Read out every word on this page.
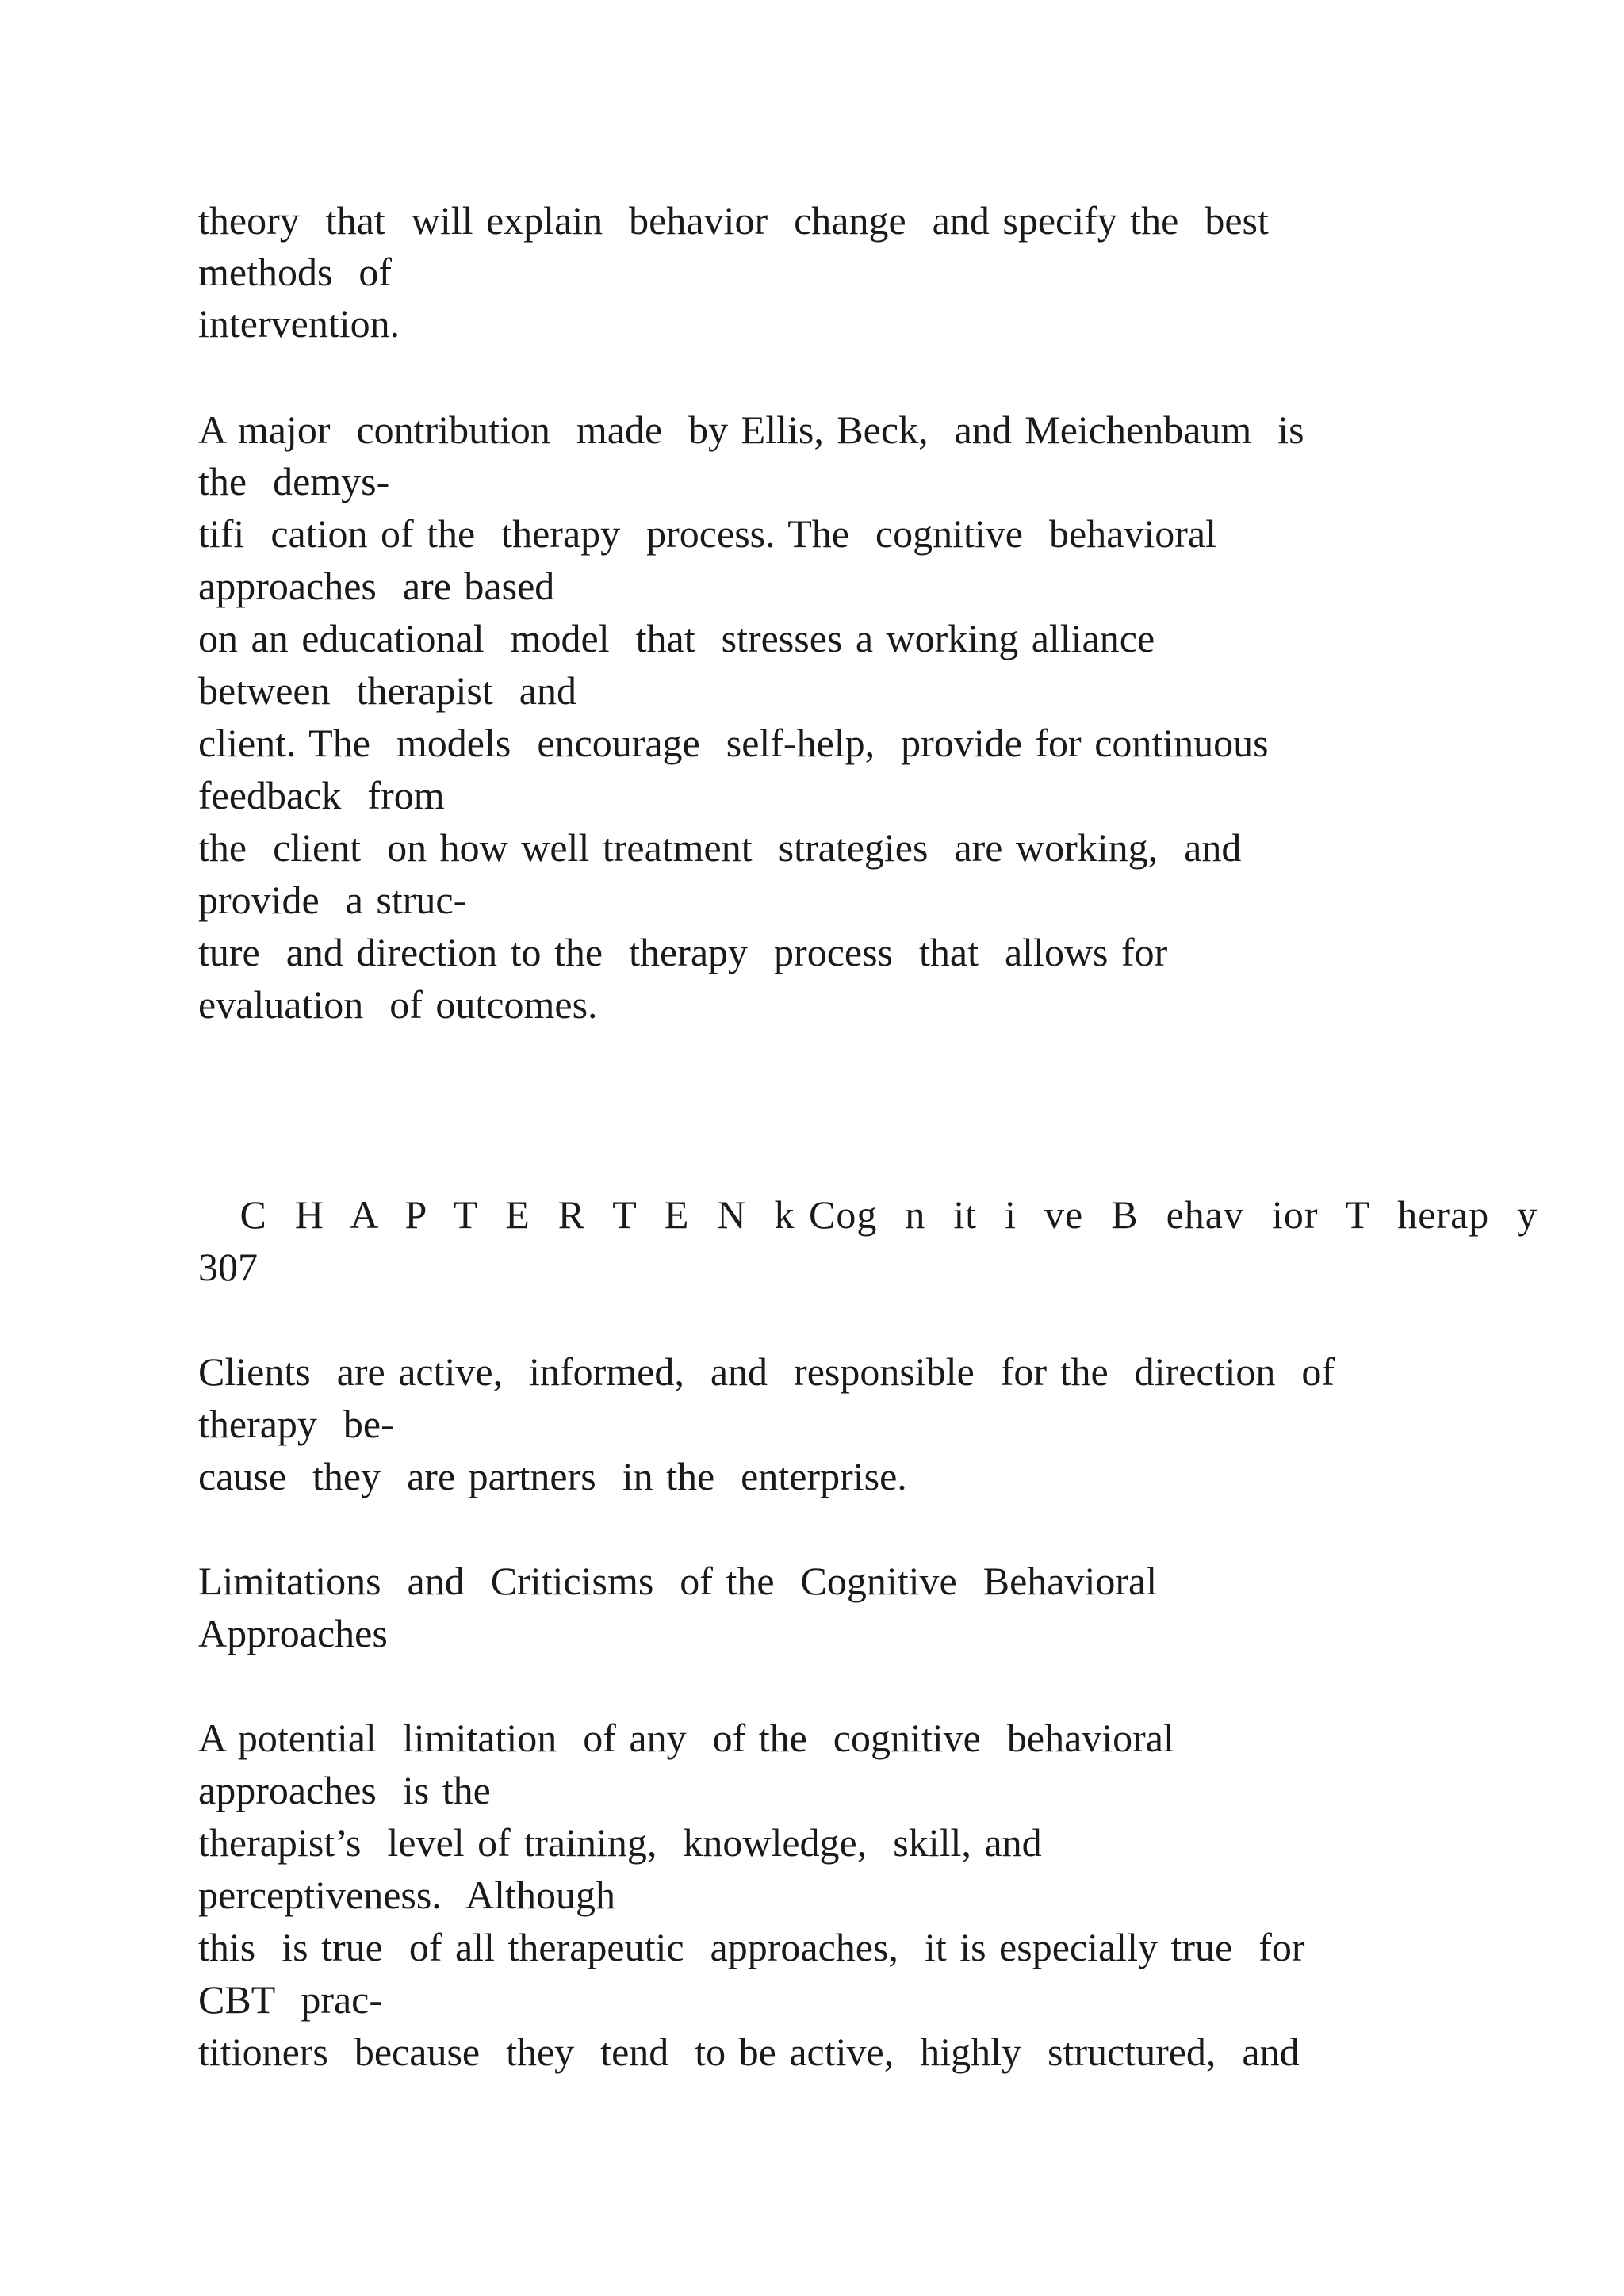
theory  that  will explain  behavior  change  and specify the  best

methods  of

intervention.

A major  contribution  made  by Ellis, Beck,  and Meichenbaum  is

the  demys-

tifi  cation of the  therapy  process. The  cognitive  behavioral

approaches  are based

on an educational  model  that  stresses a working alliance

between  therapist  and

client. The  models  encourage  self-help,  provide for continuous

feedback  from

the  client  on how well treatment  strategies  are working,  and

provide  a struc-

ture  and direction to the  therapy  process  that  allows for

evaluation  of outcomes.

C  H  A  P  T  E  R  T  E  N  k Cog  n  it  i  ve  B  ehav  ior  T  herap  y

307

Clients  are active,  informed,  and  responsible  for the  direction  of

therapy  be-

cause  they  are partners  in the  enterprise.

Limitations  and  Criticisms  of the  Cognitive  Behavioral

Approaches

A potential  limitation  of any  of the  cognitive  behavioral

approaches  is the

therapist’s  level of training,  knowledge,  skill, and

perceptiveness.  Although

this  is true  of all therapeutic  approaches,  it is especially true  for

CBT  prac-

titioners  because  they  tend  to be active,  highly  structured,  and
